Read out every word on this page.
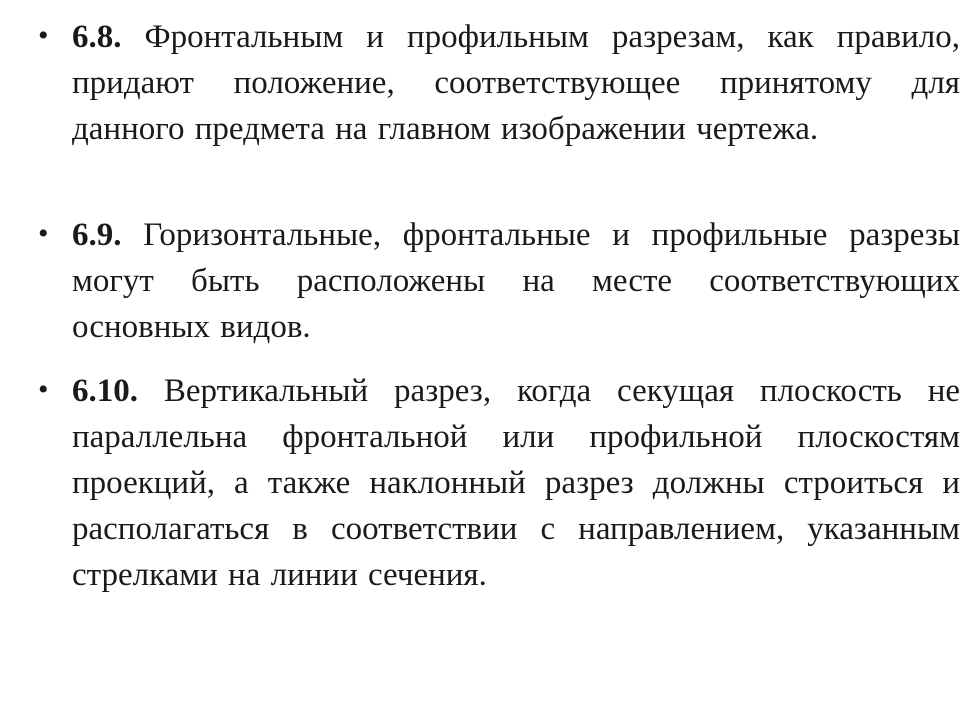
• 6.8. Фронтальным и профильным разрезам, как правило, придают положение, соответствующее принятому для данного предмета на главном изображении чертежа.
• 6.9. Горизонтальные, фронтальные и профильные разрезы могут быть расположены на месте соответствующих основных видов.
• 6.10. Вертикальный разрез, когда секущая плоскость не параллельна фронтальной или профильной плоскостям проекций, а также наклонный разрез должны строиться и располагаться в соответствии с направлением, указанным стрелками на линии сечения.
